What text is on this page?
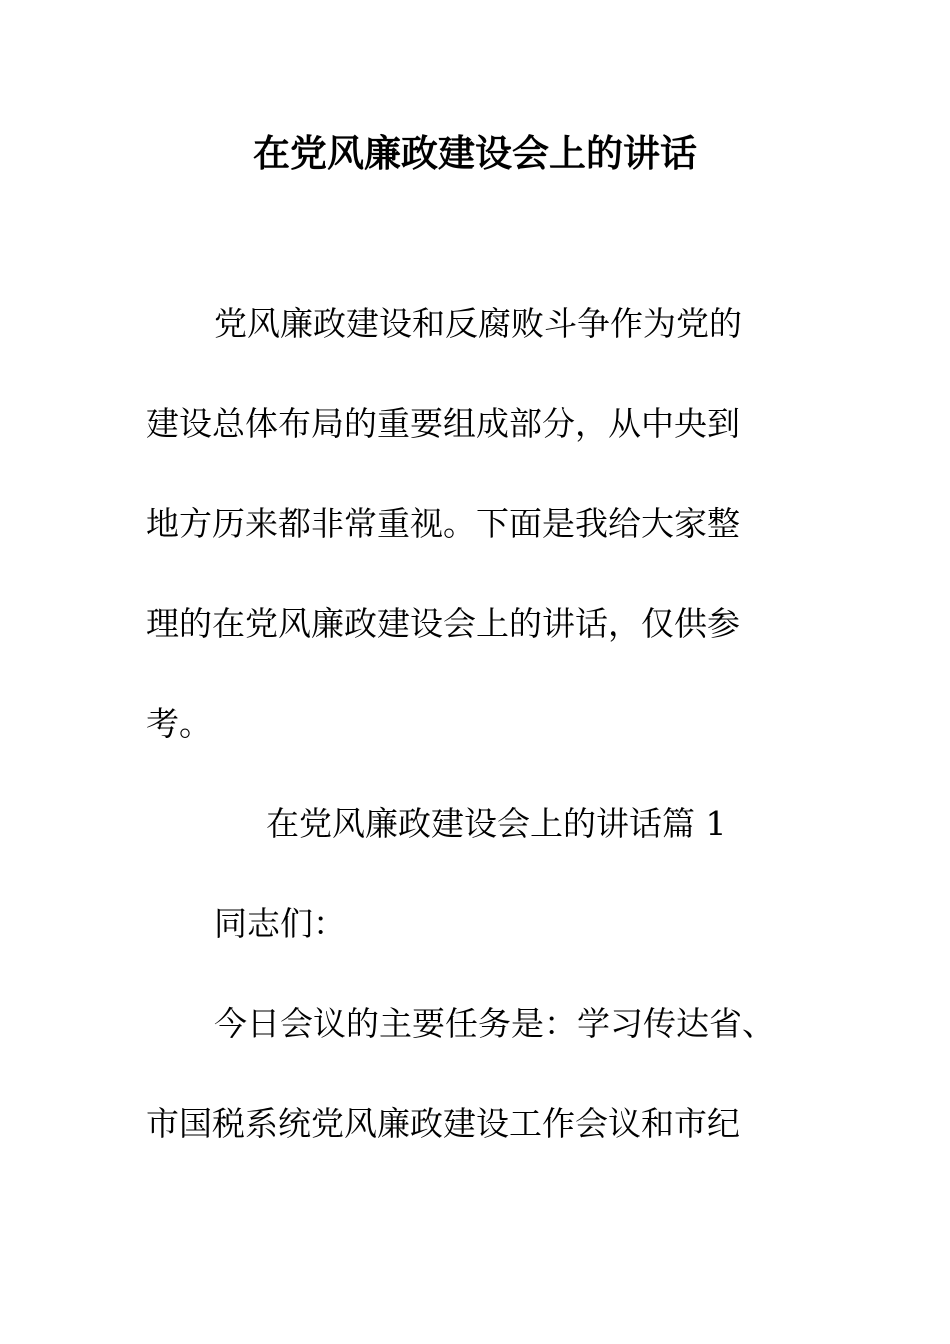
在党风廉政建设会上的讲话
党风廉政建设和反腐败斗争作为党的
建设总体布局的重要组成部分，从中央到
地方历来都非常重视。下面是我给大家整
理的在党风廉政建设会上的讲话，仅供参
考。
在党风廉政建设会上的讲话篇 1
同志们：
今日会议的主要任务是：学习传达省、
市国税系统党风廉政建设工作会议和市纪
